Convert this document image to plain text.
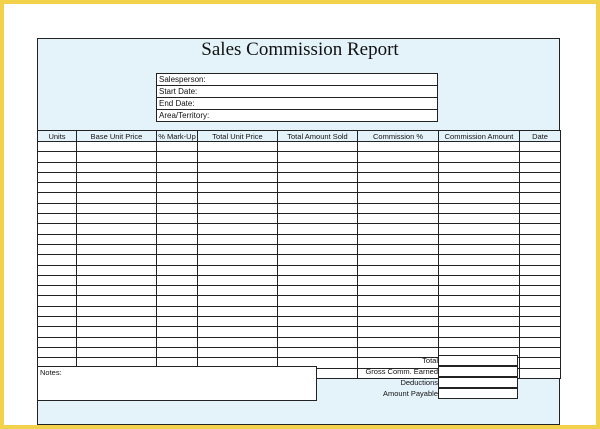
Sales Commission Report
Salesperson:
Start Date:
End Date:
Area/Territory:
Units	Base Unit Price	% Mark-Up	Total Unit Price	Total Amount Sold	Commission %	Commission Amount	Date

Notes:
Total
Gross Comm. Earned
Deductions
Amount Payable
